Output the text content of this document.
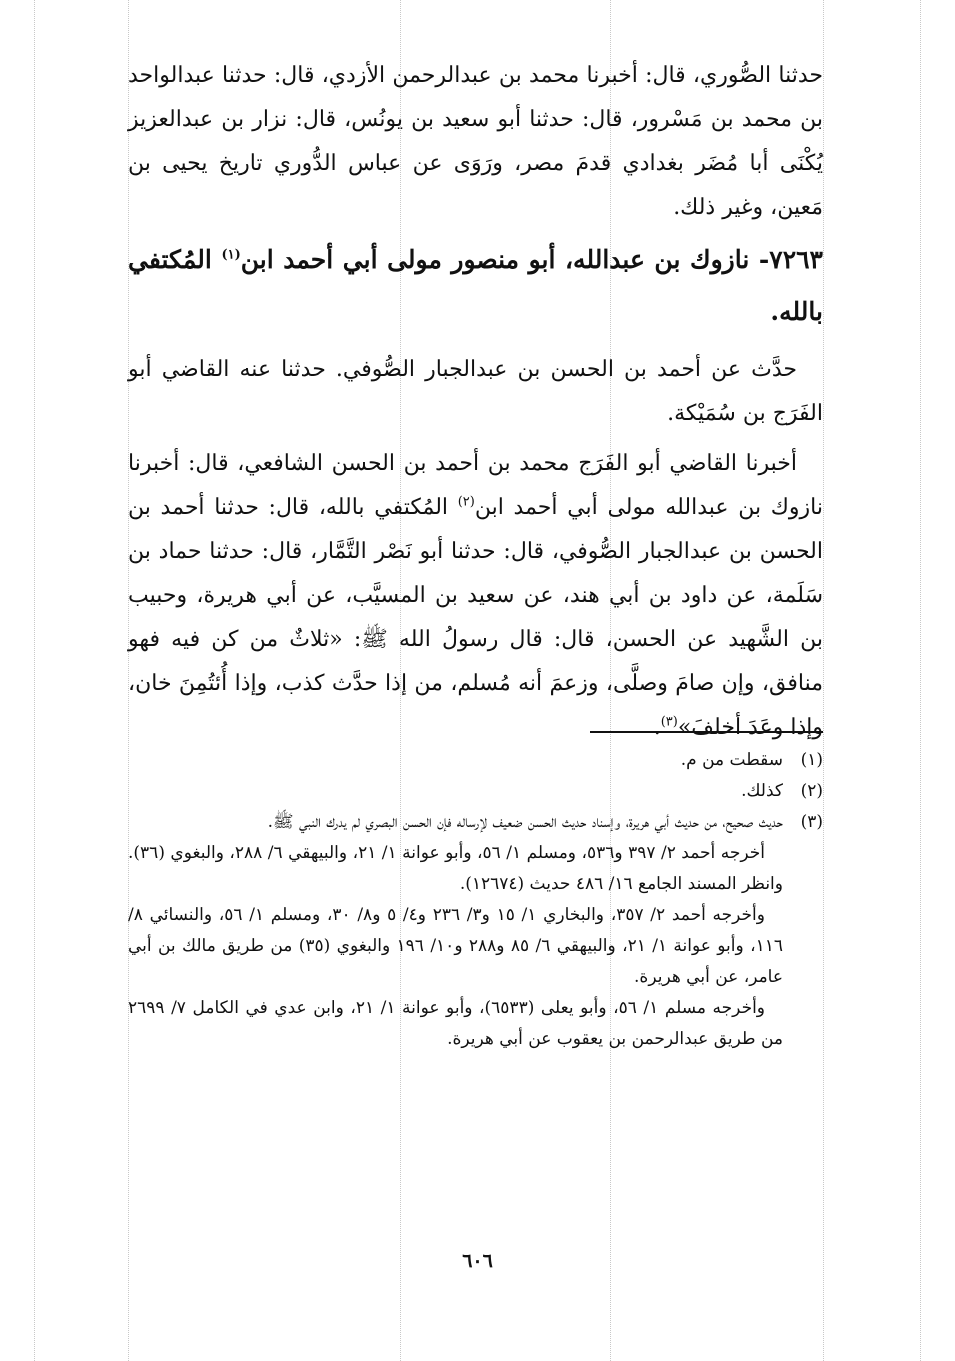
حدثنا الصُّوري، قال: أخبرنا محمد بن عبدالرحمن الأزدي، قال: حدثنا عبدالواحد بن محمد بن مَسْرور، قال: حدثنا أبو سعيد بن يونُس، قال: نزار بن عبدالعزيز يُكْنَى أبا مُضَر بغدادي قدمَ مصر، ورَوَى عن عباس الدُّوري تاريخ يحيى بن مَعين، وغير ذلك.

٧٢٦٣- نازوك بن عبدالله، أبو منصور مولى أبي أحمد ابن$^{(١)}$ المُكتفي بالله.

حدَّث عن أحمد بن الحسن بن عبدالجبار الصُّوفي. حدثنا عنه القاضي أبو الفَرَج بن سُمَيْكة.

أخبرنا القاضي أبو الفَرَج محمد بن أحمد بن الحسن الشافعي، قال: أخبرنا نازوك بن عبدالله مولى أبي أحمد ابن$^{(٢)}$ المُكتفي بالله، قال: حدثنا أحمد بن الحسن بن عبدالجبار الصُّوفي، قال: حدثنا أبو نَصْر التَّمَّار، قال: حدثنا حماد بن سَلَمة، عن داود بن أبي هند، عن سعيد بن المسيَّب، عن أبي هريرة، وحبيب بن الشَّهيد عن الحسن، قال: قال رسولُ الله ﷺ: «ثلاثٌ من كن فيه فهو منافق، وإن صامَ وصلَّى، وزعمَ أنه مُسلم، من إذا حدَّث كذب، وإذا أُئتُمِنَ خان، وإذا وعَدَ أخلفَ»$^{(٣)}$.

(١)
سقطت من م.
(٢)
كذلك.
(٣)
حديث صحيح، من حديث أبي هريرة، وإسناد حديث الحسن ضعيف لإرساله فإن الحسن البصري لم يدرك النبي ﷺ.
أخرجه أحمد ٢/ ٣٩٧ و٥٣٦، ومسلم ١/ ٥٦، وأبو عوانة ١/ ٢١، والبيهقي ٦/ ٢٨٨، والبغوي (٣٦). وانظر المسند الجامع ١٦/ ٤٨٦ حديث (١٢٦٧٤).
وأخرجه أحمد ٢/ ٣٥٧، والبخاري ١/ ١٥ و٣/ ٢٣٦ و٤/ ٥ و٨/ ٣٠، ومسلم ١/ ٥٦، والنسائي ٨/ ١١٦، وأبو عوانة ١/ ٢١، والبيهقي ٦/ ٨٥ و٢٨٨ و١٠/ ١٩٦ والبغوي (٣٥) من طريق مالك بن أبي عامر، عن أبي هريرة.
وأخرجه مسلم ١/ ٥٦، وأبو يعلى (٦٥٣٣)، وأبو عوانة ١/ ٢١، وابن عدي في الكامل ٧/ ٢٦٩٩ من طريق عبدالرحمن بن يعقوب عن أبي هريرة.
٦٠٦
